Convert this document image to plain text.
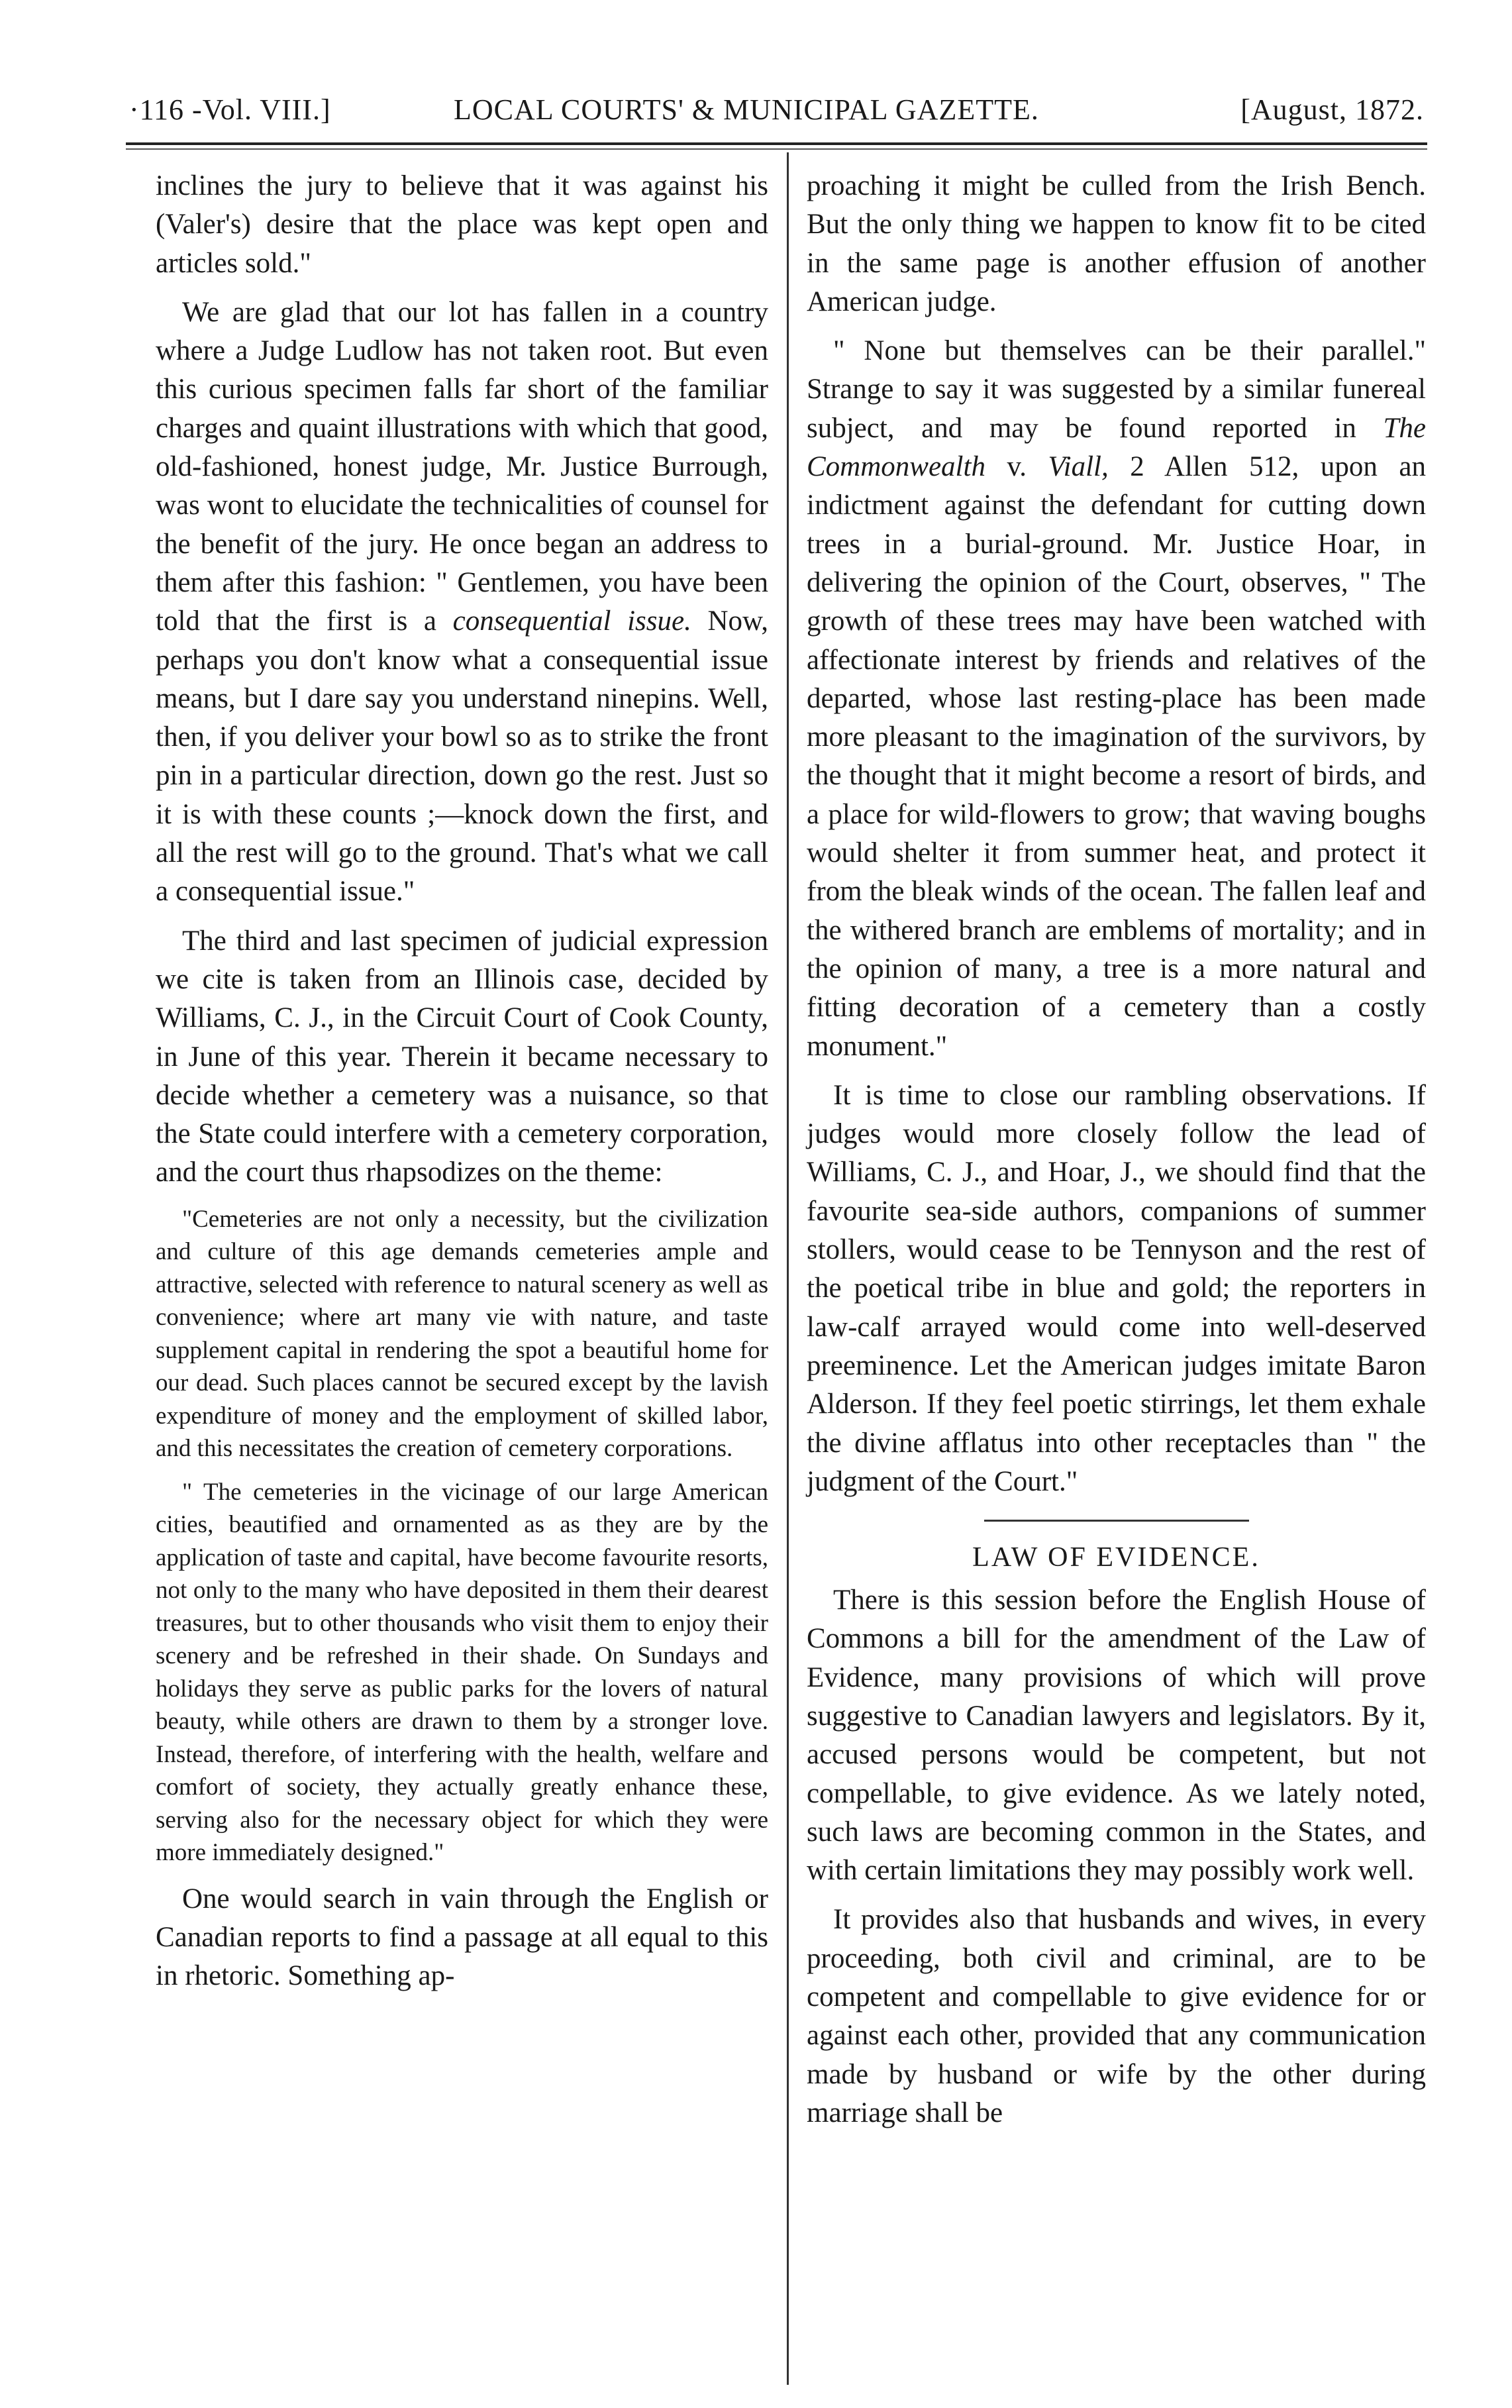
·116 -Vol. VIII.]	LOCAL COURTS' & MUNICIPAL GAZETTE.	[August, 1872.

inclines the jury to believe that it was against his (Valer's) desire that the place was kept open and articles sold."

We are glad that our lot has fallen in a country where a Judge Ludlow has not taken root. But even this curious specimen falls far short of the familiar charges and quaint illustrations with which that good, old-fashioned, honest judge, Mr. Justice Burrough, was wont to elucidate the technicalities of counsel for the benefit of the jury. He once began an address to them after this fashion: " Gentlemen, you have been told that the first is a consequential issue. Now, perhaps you don't know what a consequential issue means, but I dare say you understand ninepins. Well, then, if you deliver your bowl so as to strike the front pin in a particular direction, down go the rest. Just so it is with these counts ;—knock down the first, and all the rest will go to the ground. That's what we call a consequential issue."

The third and last specimen of judicial expression we cite is taken from an Illinois case, decided by Williams, C. J., in the Circuit Court of Cook County, in June of this year. Therein it became necessary to decide whether a cemetery was a nuisance, so that the State could interfere with a cemetery corporation, and the court thus rhapsodizes on the theme:

"Cemeteries are not only a necessity, but the civilization and culture of this age demands cemeteries ample and attractive, selected with reference to natural scenery as well as convenience; where art many vie with nature, and taste supplement capital in rendering the spot a beautiful home for our dead. Such places cannot be secured except by the lavish expenditure of money and the employment of skilled labor, and this necessitates the creation of cemetery corporations.

" The cemeteries in the vicinage of our large American cities, beautified and ornamented as as they are by the application of taste and capital, have become favourite resorts, not only to the many who have deposited in them their dearest treasures, but to other thousands who visit them to enjoy their scenery and be refreshed in their shade. On Sundays and holidays they serve as public parks for the lovers of natural beauty, while others are drawn to them by a stronger love. Instead, therefore, of interfering with the health, welfare and comfort of society, they actually greatly enhance these, serving also for the necessary object for which they were more immediately designed."

One would search in vain through the English or Canadian reports to find a passage at all equal to this in rhetoric. Something ap-

proaching it might be culled from the Irish Bench. But the only thing we happen to know fit to be cited in the same page is another effusion of another American judge.

" None but themselves can be their parallel." Strange to say it was suggested by a similar funereal subject, and may be found reported in The Commonwealth v. Viall, 2 Allen 512, upon an indictment against the defendant for cutting down trees in a burial-ground. Mr. Justice Hoar, in delivering the opinion of the Court, observes, " The growth of these trees may have been watched with affectionate interest by friends and relatives of the departed, whose last resting-place has been made more pleasant to the imagination of the survivors, by the thought that it might become a resort of birds, and a place for wild-flowers to grow; that waving boughs would shelter it from summer heat, and protect it from the bleak winds of the ocean. The fallen leaf and the withered branch are emblems of mortality; and in the opinion of many, a tree is a more natural and fitting decoration of a cemetery than a costly monument."

It is time to close our rambling observations. If judges would more closely follow the lead of Williams, C. J., and Hoar, J., we should find that the favourite sea-side authors, companions of summer stollers, would cease to be Tennyson and the rest of the poetical tribe in blue and gold; the reporters in law-calf arrayed would come into well-deserved preeminence. Let the American judges imitate Baron Alderson. If they feel poetic stirrings, let them exhale the divine afflatus into other receptacles than " the judgment of the Court."

LAW OF EVIDENCE.

There is this session before the English House of Commons a bill for the amendment of the Law of Evidence, many provisions of which will prove suggestive to Canadian lawyers and legislators. By it, accused persons would be competent, but not compellable, to give evidence. As we lately noted, such laws are becoming common in the States, and with certain limitations they may possibly work well.

It provides also that husbands and wives, in every proceeding, both civil and criminal, are to be competent and compellable to give evidence for or against each other, provided that any communication made by husband or wife by the other during marriage shall be
